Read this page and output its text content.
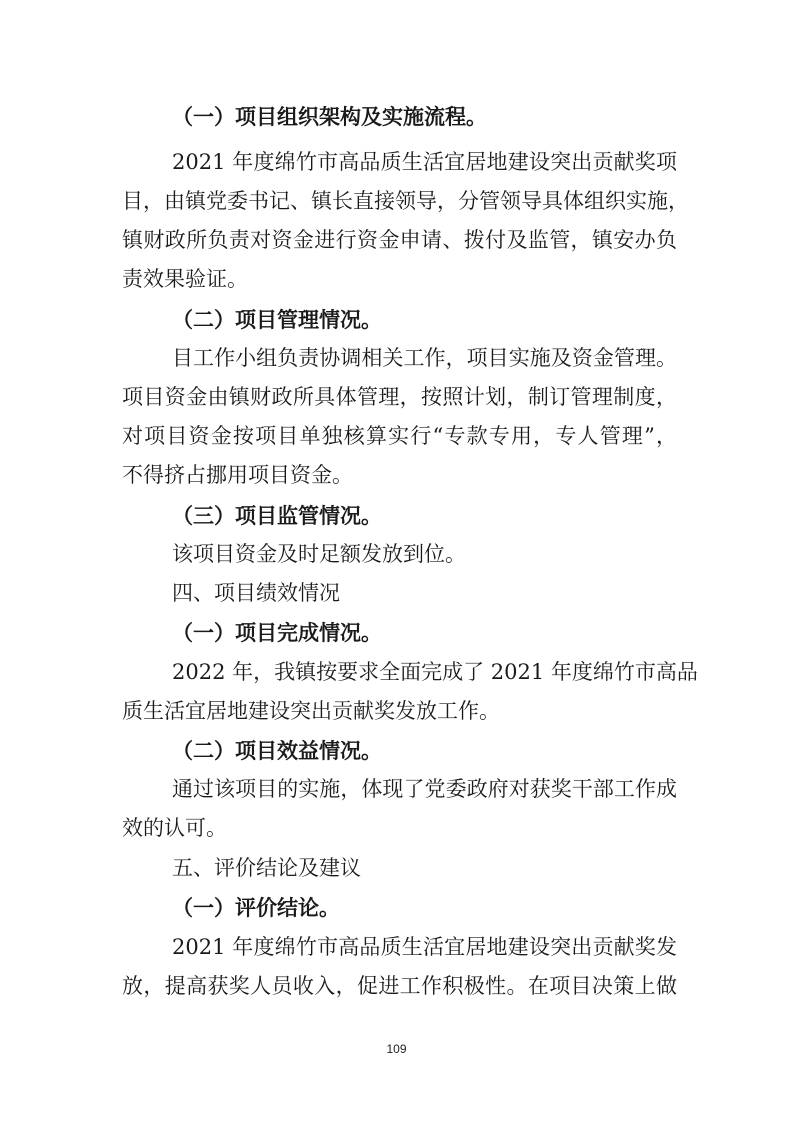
（一）项目组织架构及实施流程。
2021 年度绵竹市高品质生活宜居地建设突出贡献奖项
目，由镇党委书记、镇长直接领导，分管领导具体组织实施，
镇财政所负责对资金进行资金申请、拨付及监管，镇安办负
责效果验证。
（二）项目管理情况。
目工作小组负责协调相关工作，项目实施及资金管理。
项目资金由镇财政所具体管理，按照计划，制订管理制度，
对项目资金按项目单独核算实行“专款专用，专人管理”，
不得挤占挪用项目资金。
（三）项目监管情况。
该项目资金及时足额发放到位。
四、项目绩效情况
（一）项目完成情况。
2022 年，我镇按要求全面完成了 2021 年度绵竹市高品
质生活宜居地建设突出贡献奖发放工作。
（二）项目效益情况。
通过该项目的实施，体现了党委政府对获奖干部工作成
效的认可。
五、评价结论及建议
（一）评价结论。
2021 年度绵竹市高品质生活宜居地建设突出贡献奖发
放，提高获奖人员收入，促进工作积极性。在项目决策上做
109
